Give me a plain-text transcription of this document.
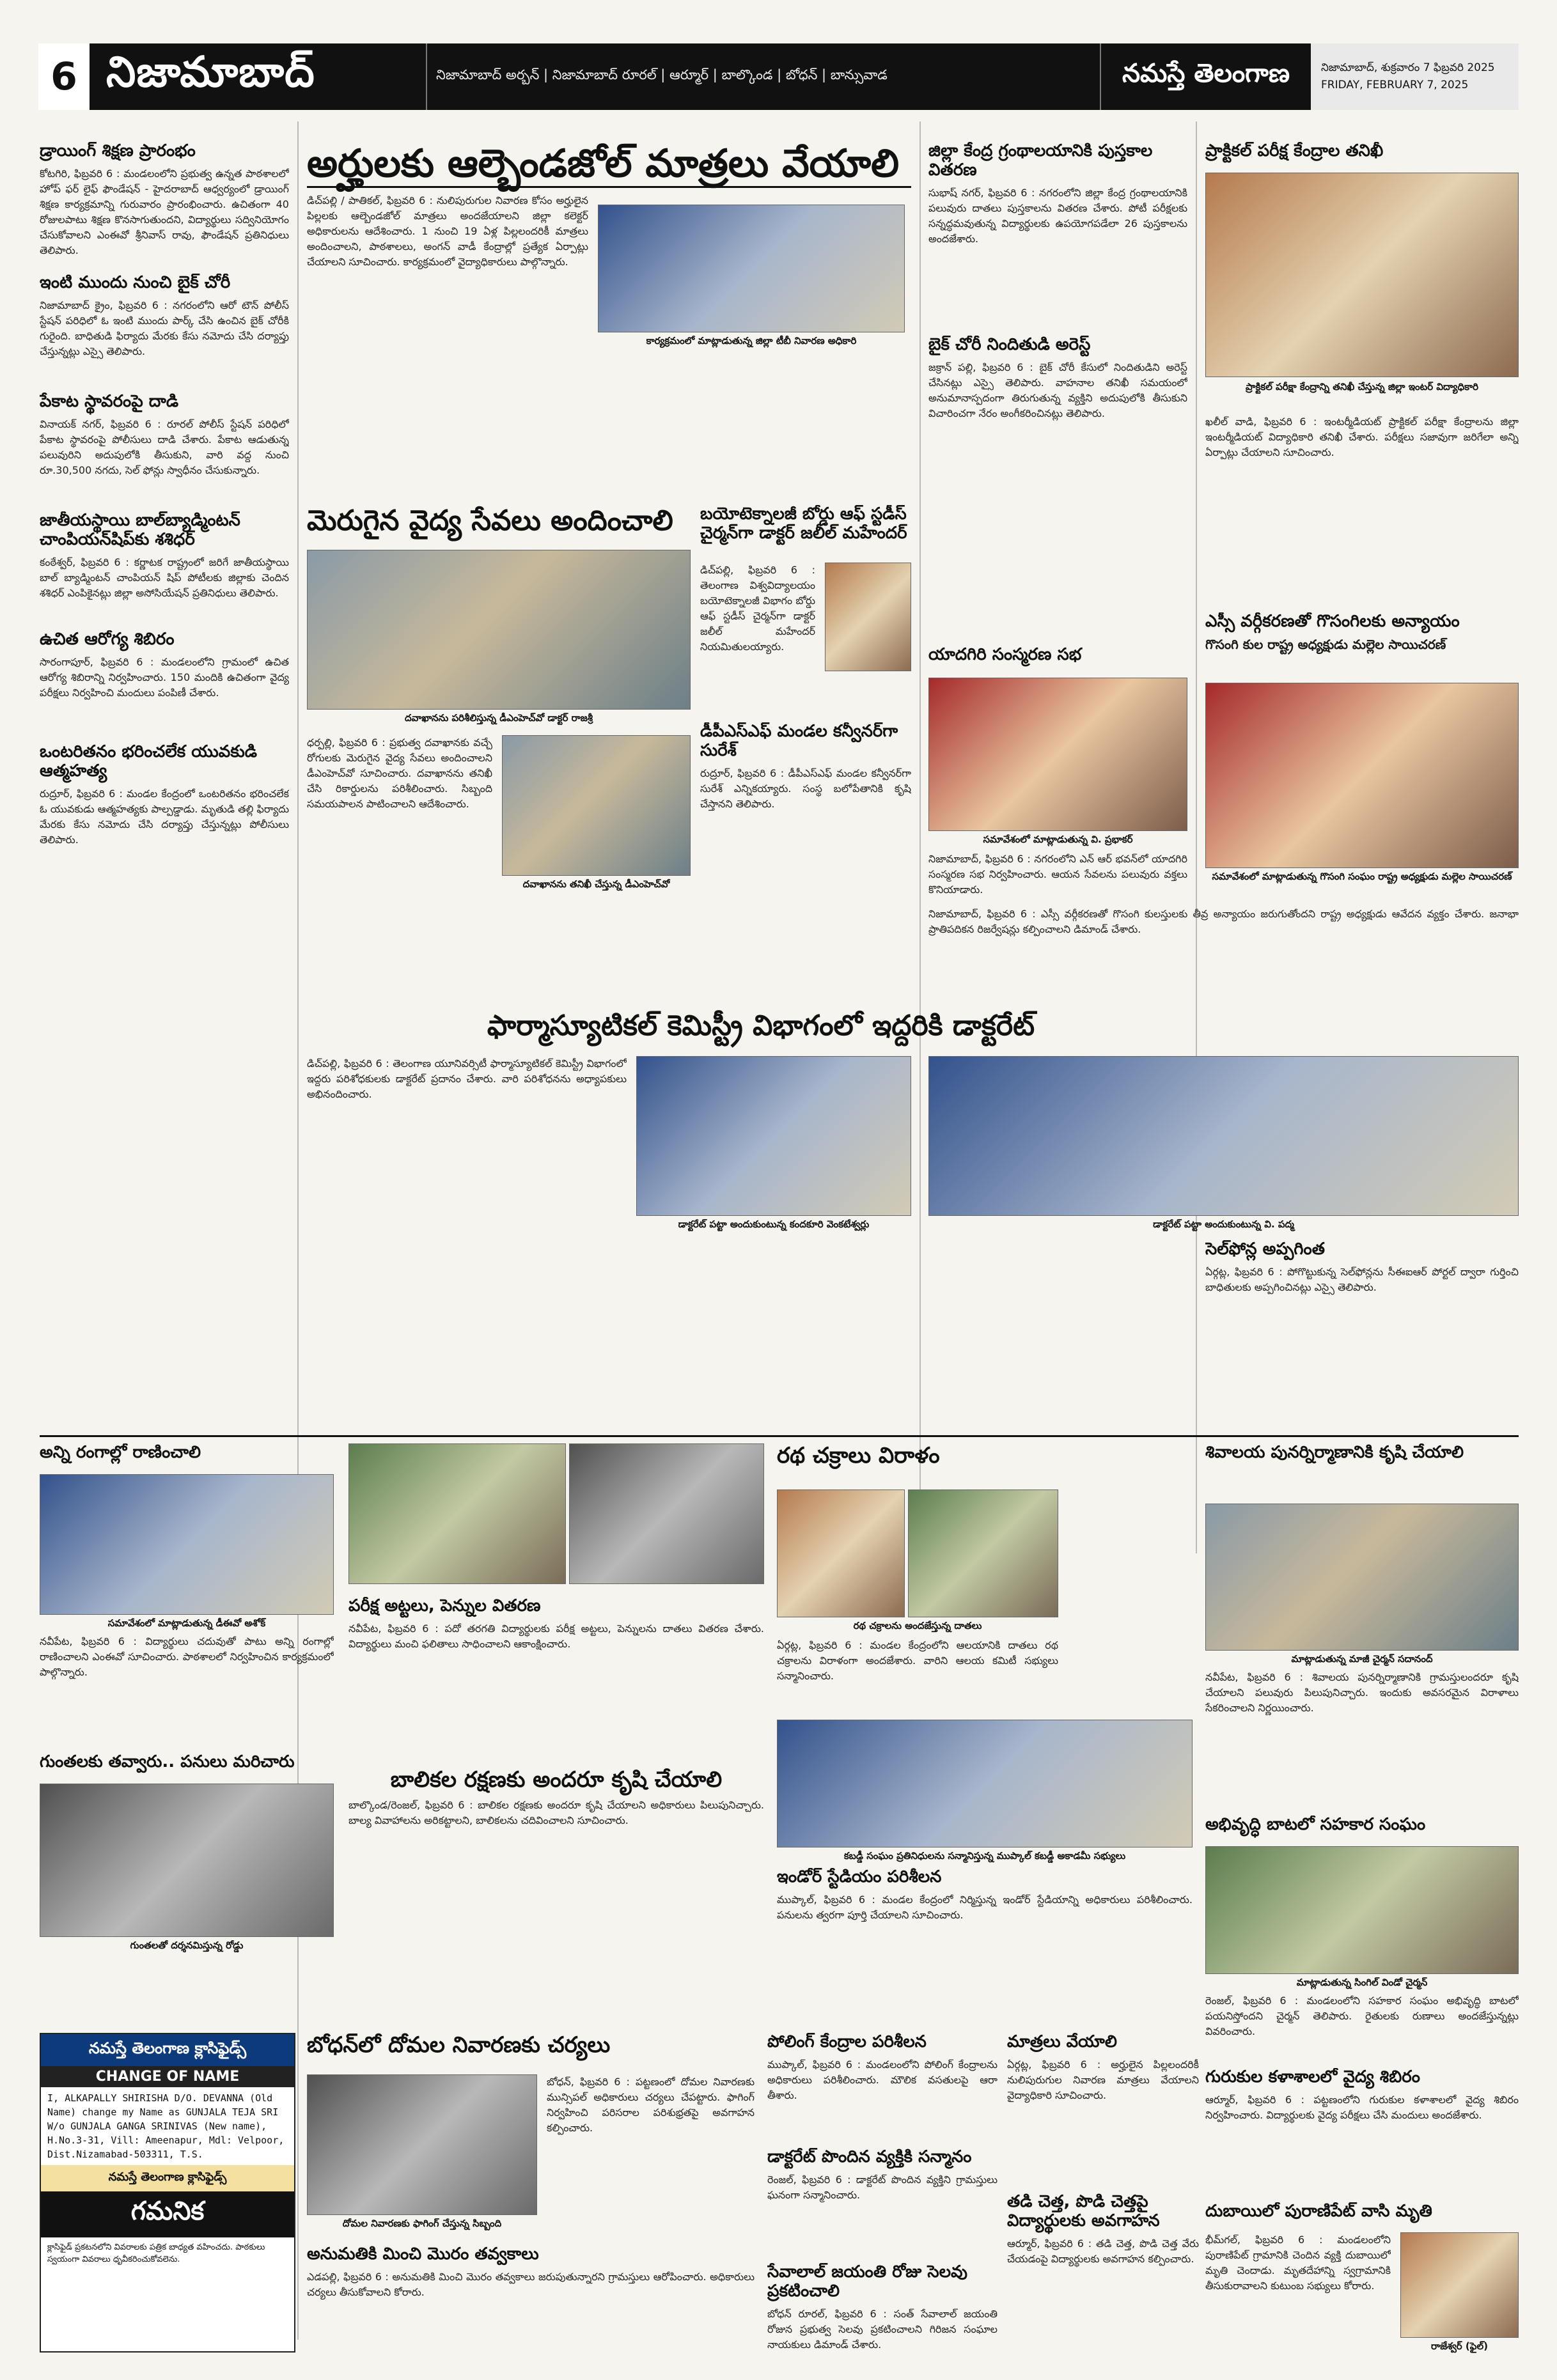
6 నిజామాబాద్	నిజామాబాద్ అర్బన్ | నిజామాబాద్ రూరల్ | ఆర్మూర్ | బాల్కొండ | బోధన్ | బాన్సువాడ	నమస్తే తెలంగాణ	నిజామాబాద్, శుక్రవారం 7 ఫిబ్రవరి 2025
FRIDAY, FEBRUARY 7, 2025
డ్రాయింగ్ శిక్షణ ప్రారంభం
కోటగిరి, ఫిబ్రవరి 6 : మండలంలోని ప్రభుత్వ ఉన్నత పాఠశాలలో హోప్ ఫర్ లైఫ్ ఫౌండేషన్ - హైదరాబాద్ ఆధ్వర్యంలో డ్రాయింగ్ శిక్షణ కార్యక్రమాన్ని గురువారం ప్రారంభించారు. ఉచితంగా 40 రోజులపాటు శిక్షణ కొనసాగుతుందని, విద్యార్థులు సద్వినియోగం చేసుకోవాలని ఎంఈవో శ్రీనివాస్ రావు, ఫౌండేషన్ ప్రతినిధులు తెలిపారు.
ఇంటి ముందు నుంచి బైక్ చోరీ
నిజామాబాద్ క్రైం, ఫిబ్రవరి 6 : నగరంలోని ఆరో టౌన్ పోలీస్ స్టేషన్ పరిధిలో ఓ ఇంటి ముందు పార్క్ చేసి ఉంచిన బైక్ చోరీకి గురైంది. బాధితుడి ఫిర్యాదు మేరకు కేసు నమోదు చేసి దర్యాప్తు చేస్తున్నట్లు ఎస్సై తెలిపారు.
పేకాట స్థావరంపై దాడి
వినాయక్ నగర్, ఫిబ్రవరి 6 : రూరల్ పోలీస్ స్టేషన్ పరిధిలో పేకాట స్థావరంపై పోలీసులు దాడి చేశారు. పేకాట ఆడుతున్న పలువురిని అదుపులోకి తీసుకుని, వారి వద్ద నుంచి రూ.30,500 నగదు, సెల్ ఫోన్లు స్వాధీనం చేసుకున్నారు.
జాతీయస్థాయి బాల్‌బ్యాడ్మింటన్ చాంపియన్‌షిప్‌కు శశిధర్
కంఠేశ్వర్, ఫిబ్రవరి 6 : కర్ణాటక రాష్ట్రంలో జరిగే జాతీయస్థాయి బాల్ బ్యాడ్మింటన్ చాంపియన్ షిప్ పోటీలకు జిల్లాకు చెందిన శశిధర్ ఎంపికైనట్లు జిల్లా అసోసియేషన్ ప్రతినిధులు తెలిపారు.
ఉచిత ఆరోగ్య శిబిరం
సారంగాపూర్, ఫిబ్రవరి 6 : మండలంలోని గ్రామంలో ఉచిత ఆరోగ్య శిబిరాన్ని నిర్వహించారు. 150 మందికి ఉచితంగా వైద్య పరీక్షలు నిర్వహించి మందులు పంపిణీ చేశారు.
ఒంటరితనం భరించలేక యువకుడి ఆత్మహత్య
రుద్రూర్, ఫిబ్రవరి 6 : మండల కేంద్రంలో ఒంటరితనం భరించలేక ఓ యువకుడు ఆత్మహత్యకు పాల్పడ్డాడు. మృతుడి తల్లి ఫిర్యాదు మేరకు కేసు నమోదు చేసి దర్యాప్తు చేస్తున్నట్లు పోలీసులు తెలిపారు.
అర్హులకు ఆల్బెండజోల్ మాత్రలు వేయాలి
డిచ్‌పల్లి / పాతికల్, ఫిబ్రవరి 6 : నులిపురుగుల నివారణ కోసం అర్హులైన పిల్లలకు ఆల్బెండజోల్ మాత్రలు అందజేయాలని జిల్లా కలెక్టర్ అధికారులను ఆదేశించారు. 1 నుంచి 19 ఏళ్ల పిల్లలందరికీ మాత్రలు అందించాలని, పాఠశాలలు, అంగన్ వాడీ కేంద్రాల్లో ప్రత్యేక ఏర్పాట్లు చేయాలని సూచించారు. కార్యక్రమంలో వైద్యాధికారులు పాల్గొన్నారు.
కార్యక్రమంలో మాట్లాడుతున్న జిల్లా టీబీ నివారణ అధికారి
జిల్లా కేంద్ర గ్రంథాలయానికి పుస్తకాల వితరణ
సుభాష్ నగర్, ఫిబ్రవరి 6 : నగరంలోని జిల్లా కేంద్ర గ్రంథాలయానికి పలువురు దాతలు పుస్తకాలను వితరణ చేశారు. పోటీ పరీక్షలకు సన్నద్ధమవుతున్న విద్యార్థులకు ఉపయోగపడేలా 26 పుస్తకాలను అందజేశారు.
బైక్ చోరీ నిందితుడి అరెస్ట్
జక్రాన్ పల్లి, ఫిబ్రవరి 6 : బైక్ చోరీ కేసులో నిందితుడిని అరెస్ట్ చేసినట్లు ఎస్సై తెలిపారు. వాహనాల తనిఖీ సమయంలో అనుమానాస్పదంగా తిరుగుతున్న వ్యక్తిని అదుపులోకి తీసుకుని విచారించగా నేరం అంగీకరించినట్లు తెలిపారు.
ప్రాక్టికల్ పరీక్ష కేంద్రాల తనిఖీ
ప్రాక్టికల్ పరీక్షా కేంద్రాన్ని తనిఖీ చేస్తున్న జిల్లా ఇంటర్ విద్యాధికారి
ఖలీల్ వాడి, ఫిబ్రవరి 6 : ఇంటర్మీడియట్ ప్రాక్టికల్ పరీక్షా కేంద్రాలను జిల్లా ఇంటర్మీడియట్ విద్యాధికారి తనిఖీ చేశారు. పరీక్షలు సజావుగా జరిగేలా అన్ని ఏర్పాట్లు చేయాలని సూచించారు.
ఎస్సీ వర్గీకరణతో గొసంగిలకు అన్యాయం
గొసంగి కుల రాష్ట్ర అధ్యక్షుడు మల్లెల సాయిచరణ్
సమావేశంలో మాట్లాడుతున్న గొసంగి సంఘం రాష్ట్ర అధ్యక్షుడు మల్లెల సాయిచరణ్
నిజామాబాద్, ఫిబ్రవరి 6 : ఎస్సీ వర్గీకరణతో గొసంగి కులస్తులకు తీవ్ర అన్యాయం జరుగుతోందని రాష్ట్ర అధ్యక్షుడు ఆవేదన వ్యక్తం చేశారు. జనాభా ప్రాతిపదికన రిజర్వేషన్లు కల్పించాలని డిమాండ్ చేశారు.
మెరుగైన వైద్య సేవలు అందించాలి
దవాఖానను పరిశీలిస్తున్న డీఎంహెచ్‌వో డాక్టర్ రాజశ్రీ
ధర్పల్లి, ఫిబ్రవరి 6 : ప్రభుత్వ దవాఖానకు వచ్చే రోగులకు మెరుగైన వైద్య సేవలు అందించాలని డీఎంహెచ్‌వో సూచించారు. దవాఖానను తనిఖీ చేసి రికార్డులను పరిశీలించారు. సిబ్బంది సమయపాలన పాటించాలని ఆదేశించారు.
దవాఖానను తనిఖీ చేస్తున్న డీఎంహెచ్‌వో
బయోటెక్నాలజీ బోర్డు ఆఫ్ స్టడీస్ చైర్మన్‌గా డాక్టర్ జలీల్ మహేందర్
డిచ్‌పల్లి, ఫిబ్రవరి 6 : తెలంగాణ విశ్వవిద్యాలయం బయోటెక్నాలజీ విభాగం బోర్డు ఆఫ్ స్టడీస్ చైర్మన్‌గా డాక్టర్ జలీల్ మహేందర్ నియమితులయ్యారు.
డీపీఎస్‌ఎఫ్ మండల కన్వీనర్‌గా సురేశ్
రుద్రూర్, ఫిబ్రవరి 6 : డీపీఎస్‌ఎఫ్ మండల కన్వీనర్‌గా సురేశ్ ఎన్నికయ్యారు. సంస్థ బలోపేతానికి కృషి చేస్తానని తెలిపారు.
యాదగిరి సంస్మరణ సభ
సమావేశంలో మాట్లాడుతున్న వి. ప్రభాకర్
నిజామాబాద్, ఫిబ్రవరి 6 : నగరంలోని ఎన్ ఆర్ భవన్‌లో యాదగిరి సంస్మరణ సభ నిర్వహించారు. ఆయన సేవలను పలువురు వక్తలు కొనియాడారు.
ఫార్మాస్యూటికల్ కెమిస్ట్రీ విభాగంలో ఇద్దరికి డాక్టరేట్
డిచ్‌పల్లి, ఫిబ్రవరి 6 : తెలంగాణ యూనివర్సిటీ ఫార్మాస్యూటికల్ కెమిస్ట్రీ విభాగంలో ఇద్దరు పరిశోధకులకు డాక్టరేట్ ప్రదానం చేశారు. వారి పరిశోధనను అధ్యాపకులు అభినందించారు.
డాక్టరేట్ పట్టా అందుకుంటున్న కందకూరి వెంకటేశ్వర్లు	డాక్టరేట్ పట్టా అందుకుంటున్న వి. పద్మ
సెల్‌ఫోన్ల అప్పగింత
ఏర్గట్ల, ఫిబ్రవరి 6 : పోగొట్టుకున్న సెల్‌ఫోన్లను సీఈఐఆర్ పోర్టల్ ద్వారా గుర్తించి బాధితులకు అప్పగించినట్లు ఎస్సై తెలిపారు.
అన్ని రంగాల్లో రాణించాలి
సమావేశంలో మాట్లాడుతున్న డీఈవో అశోక్
నవీపేట, ఫిబ్రవరి 6 : విద్యార్థులు చదువుతో పాటు అన్ని రంగాల్లో రాణించాలని ఎంఈవో సూచించారు. పాఠశాలలో నిర్వహించిన కార్యక్రమంలో పాల్గొన్నారు.
పరీక్ష అట్టలు, పెన్నుల వితరణ
నవీపేట, ఫిబ్రవరి 6 : పదో తరగతి విద్యార్థులకు పరీక్ష అట్టలు, పెన్నులను దాతలు వితరణ చేశారు. విద్యార్థులు మంచి ఫలితాలు సాధించాలని ఆకాంక్షించారు.
గుంతలకు తవ్వారు.. పనులు మరిచారు
గుంతలతో దర్శనమిస్తున్న రోడ్డు
బాలికల రక్షణకు అందరూ కృషి చేయాలి
బాల్కొండ/రెంజల్, ఫిబ్రవరి 6 : బాలికల రక్షణకు అందరూ కృషి చేయాలని అధికారులు పిలుపునిచ్చారు. బాల్య వివాహాలను అరికట్టాలని, బాలికలను చదివించాలని సూచించారు.
రథ చక్రాలు విరాళం
రథ చక్రాలను అందజేస్తున్న దాతలు
ఏర్గట్ల, ఫిబ్రవరి 6 : మండల కేంద్రంలోని ఆలయానికి దాతలు రథ చక్రాలను విరాళంగా అందజేశారు. వారిని ఆలయ కమిటీ సభ్యులు సన్మానించారు.
కబడ్డీ సంఘం ప్రతినిధులను సన్మానిస్తున్న ముప్కాల్ కబడ్డీ అకాడమీ సభ్యులు
ఇండోర్ స్టేడియం పరిశీలన
ముప్కాల్, ఫిబ్రవరి 6 : మండల కేంద్రంలో నిర్మిస్తున్న ఇండోర్ స్టేడియాన్ని అధికారులు పరిశీలించారు. పనులను త్వరగా పూర్తి చేయాలని సూచించారు.
శివాలయ పునర్నిర్మాణానికి కృషి చేయాలి
మాట్లాడుతున్న మాజీ చైర్మన్ సదానంద్
నవీపేట, ఫిబ్రవరి 6 : శివాలయ పునర్నిర్మాణానికి గ్రామస్తులందరూ కృషి చేయాలని పలువురు పిలుపునిచ్చారు. ఇందుకు అవసరమైన విరాళాలు సేకరించాలని నిర్ణయించారు.
అభివృద్ధి బాటలో సహకార సంఘం
మాట్లాడుతున్న సింగిల్ విండో చైర్మన్
రెంజల్, ఫిబ్రవరి 6 : మండలంలోని సహకార సంఘం అభివృద్ధి బాటలో పయనిస్తోందని చైర్మన్ తెలిపారు. రైతులకు రుణాలు అందజేస్తున్నట్లు వివరించారు.
నమస్తే తెలంగాణ క్లాసిఫైడ్స్
CHANGE OF NAME
I, ALKAPALLY SHIRISHA D/O. DEVANNA (Old Name) change my Name as GUNJALA TEJA SRI W/o GUNJALA GANGA SRINIVAS (New name), H.No.3-31, Vill: Ameenapur, Mdl: Velpoor, Dist.Nizamabad-503311, T.S.
నమస్తే తెలంగాణ క్లాసిఫైడ్స్
గమనిక
క్లాసిఫైడ్ ప్రకటనలోని వివరాలకు పత్రిక బాధ్యత వహించదు. పాఠకులు స్వయంగా వివరాలు ధృవీకరించుకోవలెను.
బోధన్‌లో దోమల నివారణకు చర్యలు
దోమల నివారణకు ఫాగింగ్ చేస్తున్న సిబ్బంది
బోధన్, ఫిబ్రవరి 6 : పట్టణంలో దోమల నివారణకు మున్సిపల్ అధికారులు చర్యలు చేపట్టారు. ఫాగింగ్ నిర్వహించి పరిసరాల పరిశుభ్రతపై అవగాహన కల్పించారు.
అనుమతికి మించి మొరం తవ్వకాలు
ఎడపల్లి, ఫిబ్రవరి 6 : అనుమతికి మించి మొరం తవ్వకాలు జరుపుతున్నారని గ్రామస్తులు ఆరోపించారు. అధికారులు చర్యలు తీసుకోవాలని కోరారు.
పోలింగ్ కేంద్రాల పరిశీలన
ముప్కాల్, ఫిబ్రవరి 6 : మండలంలోని పోలింగ్ కేంద్రాలను అధికారులు పరిశీలించారు. మౌలిక వసతులపై ఆరా తీశారు.
డాక్టరేట్ పొందిన వ్యక్తికి సన్మానం
రెంజల్, ఫిబ్రవరి 6 : డాక్టరేట్ పొందిన వ్యక్తిని గ్రామస్తులు ఘనంగా సన్మానించారు.
సేవాలాల్ జయంతి రోజు సెలవు ప్రకటించాలి
బోధన్ రూరల్, ఫిబ్రవరి 6 : సంత్ సేవాలాల్ జయంతి రోజున ప్రభుత్వ సెలవు ప్రకటించాలని గిరిజన సంఘాల నాయకులు డిమాండ్ చేశారు.
మాత్రలు వేయాలి
ఏర్గట్ల, ఫిబ్రవరి 6 : అర్హులైన పిల్లలందరికీ నులిపురుగుల నివారణ మాత్రలు వేయాలని వైద్యాధికారి సూచించారు.
తడి చెత్త, పొడి చెత్తపై విద్యార్థులకు అవగాహన
ఆర్మూర్, ఫిబ్రవరి 6 : తడి చెత్త, పొడి చెత్త వేరు చేయడంపై విద్యార్థులకు అవగాహన కల్పించారు.
గురుకుల కళాశాలలో వైద్య శిబిరం
ఆర్మూర్, ఫిబ్రవరి 6 : పట్టణంలోని గురుకుల కళాశాలలో వైద్య శిబిరం నిర్వహించారు. విద్యార్థులకు వైద్య పరీక్షలు చేసి మందులు అందజేశారు.
దుబాయిలో పురాణిపేట్ వాసి మృతి
భీమ్‌గల్, ఫిబ్రవరి 6 : మండలంలోని పురాణిపేట్ గ్రామానికి చెందిన వ్యక్తి దుబాయిలో మృతి చెందాడు. మృతదేహాన్ని స్వగ్రామానికి తీసుకురావాలని కుటుంబ సభ్యులు కోరారు.
రాజేశ్వర్ (ఫైల్)
